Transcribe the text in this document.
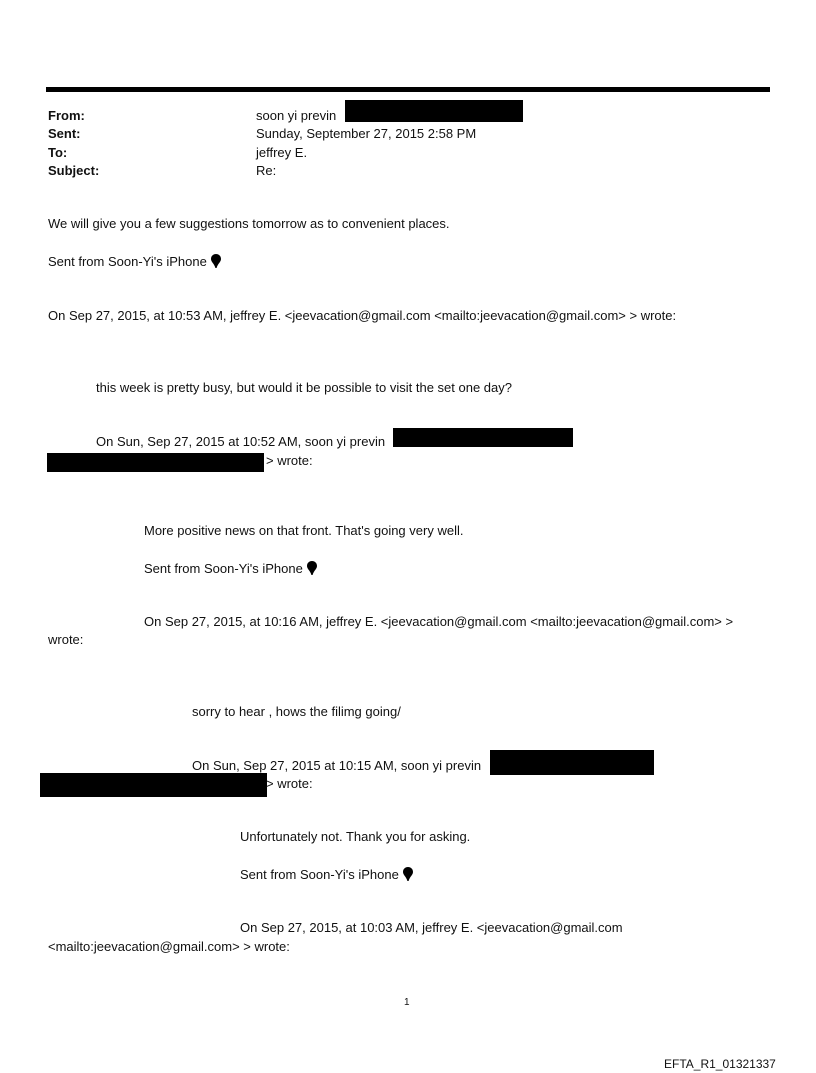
From:	soon yi previn
Sent:	Sunday, September 27, 2015 2:58 PM
To:	jeffrey E.
Subject:	Re:
We will give you a few suggestions tomorrow as to convenient places.
Sent from Soon-Yi's iPhone
On Sep 27, 2015, at 10:53 AM, jeffrey E. <jeevacation@gmail.com <mailto:jeevacation@gmail.com> > wrote:
this week is pretty busy, but would it be possible to visit the set one day?
On Sun, Sep 27, 2015 at 10:52 AM, soon yi previn
> wrote:
More positive news on that front. That's going very well.
Sent from Soon-Yi's iPhone
On Sep 27, 2015, at 10:16 AM, jeffrey E. <jeevacation@gmail.com <mailto:jeevacation@gmail.com> >
wrote:
sorry to hear , hows the filimg going/
On Sun, Sep 27, 2015 at 10:15 AM, soon yi previn
> wrote:
Unfortunately not. Thank you for asking.
Sent from Soon-Yi's iPhone
On Sep 27, 2015, at 10:03 AM, jeffrey E. <jeevacation@gmail.com
<mailto:jeevacation@gmail.com> > wrote:
1
EFTA_R1_01321337
